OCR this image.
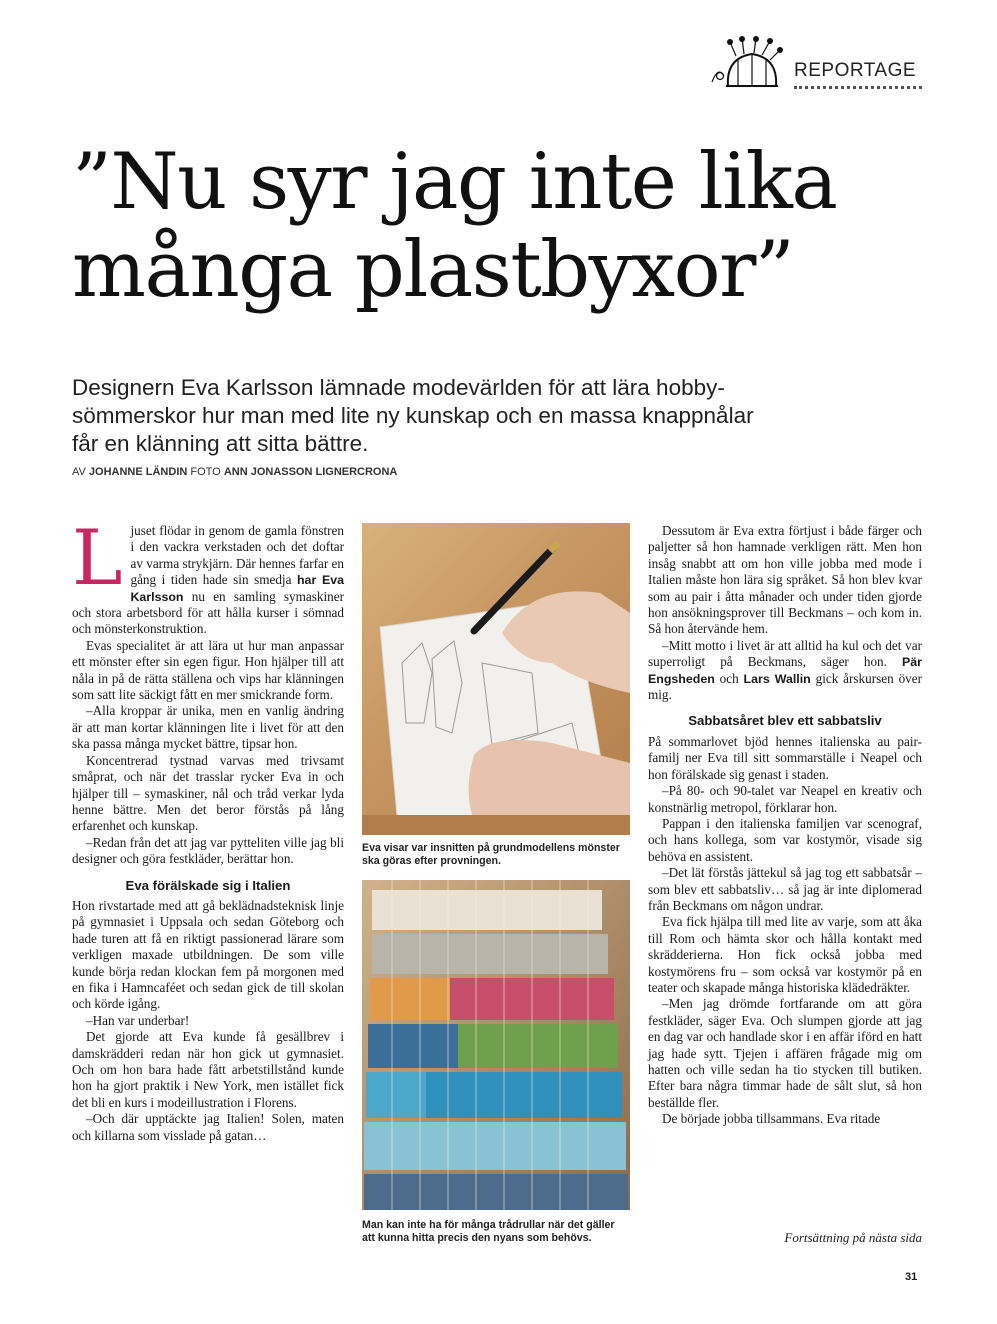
REPORTAGE
”Nu syr jag inte lika
många plastbyxor”
Designern Eva Karlsson lämnade modevärlden för att lära hobby-
sömmerskor hur man med lite ny kunskap och en massa knappnålar
får en klänning att sitta bättre.
AV JOHANNE LÄNDIN FOTO ANN JONASSON LIGNERCRONA

Ljuset flödar in genom de gamla fönstren i den vackra verkstaden och det doftar av varma strykjärn. Där hennes farfar en gång i tiden hade sin smedja har Eva Karlsson nu en samling symaskiner och stora arbetsbord för att hålla kurser i sömnad och mönsterkonstruktion.

Evas specialitet är att lära ut hur man anpassar ett mönster efter sin egen figur. Hon hjälper till att nåla in på de rätta ställena och vips har klänningen som satt lite säckigt fått en mer smickrande form.

–Alla kroppar är unika, men en vanlig ändring är att man kortar klänningen lite i livet för att den ska passa många mycket bättre, tipsar hon.

Koncentrerad tystnad varvas med trivsamt småprat, och när det trasslar rycker Eva in och hjälper till – symaskiner, nål och tråd verkar lyda henne bättre. Men det beror förstås på lång erfarenhet och kunskap.

–Redan från det att jag var pytteliten ville jag bli designer och göra festkläder, berättar hon.

Eva förälskade sig i Italien

Hon rivstartade med att gå beklädnadsteknisk linje på gymnasiet i Uppsala och sedan Göteborg och hade turen att få en riktigt passionerad lärare som verkligen maxade utbildningen. De som ville kunde börja redan klockan fem på morgonen med en fika i Hamncaféet och sedan gick de till skolan och körde igång.

–Han var underbar!

Det gjorde att Eva kunde få gesällbrev i damskrädderi redan när hon gick ut gymnasiet. Och om hon bara hade fått arbetstillstånd kunde hon ha gjort praktik i New York, men istället fick det bli en kurs i modeillustration i Florens.

–Och där upptäckte jag Italien! Solen, maten och killarna som visslade på gatan…

Eva visar var insnitten på grundmodellens mönster ska göras efter provningen.
Man kan inte ha för många trådrullar när det gäller att kunna hitta precis den nyans som behövs.

Dessutom är Eva extra förtjust i både färger och paljetter så hon hamnade verkligen rätt. Men hon insåg snabbt att om hon ville jobba med mode i Italien måste hon lära sig språket. Så hon blev kvar som au pair i åtta månader och under tiden gjorde hon ansökningsprover till Beckmans – och kom in. Så hon återvände hem.

–Mitt motto i livet är att alltid ha kul och det var superroligt på Beckmans, säger hon. Pär Engsheden och Lars Wallin gick årskursen över mig.

Sabbatsåret blev ett sabbatsliv

På sommarlovet bjöd hennes italienska au pair-familj ner Eva till sitt sommarställe i Neapel och hon förälskade sig genast i staden.

–På 80- och 90-talet var Neapel en kreativ och konstnärlig metropol, förklarar hon.

Pappan i den italienska familjen var scenograf, och hans kollega, som var kostymör, visade sig behöva en assistent.

–Det lät förstås jättekul så jag tog ett sabbatsår – som blev ett sabbatsliv… så jag är inte diplomerad från Beckmans om någon undrar.

Eva fick hjälpa till med lite av varje, som att åka till Rom och hämta skor och hålla kontakt med skrädderierna. Hon fick också jobba med kostymörens fru – som också var kostymör på en teater och skapade många historiska klädedräkter.

–Men jag drömde fortfarande om att göra festkläder, säger Eva. Och slumpen gjorde att jag en dag var och handlade skor i en affär iförd en hatt jag hade sytt. Tjejen i affären frågade mig om hatten och ville sedan ha tio stycken till butiken. Efter bara några timmar hade de sålt slut, så hon beställde fler.

De började jobba tillsammans. Eva ritade

Fortsättning på nästa sida
31
